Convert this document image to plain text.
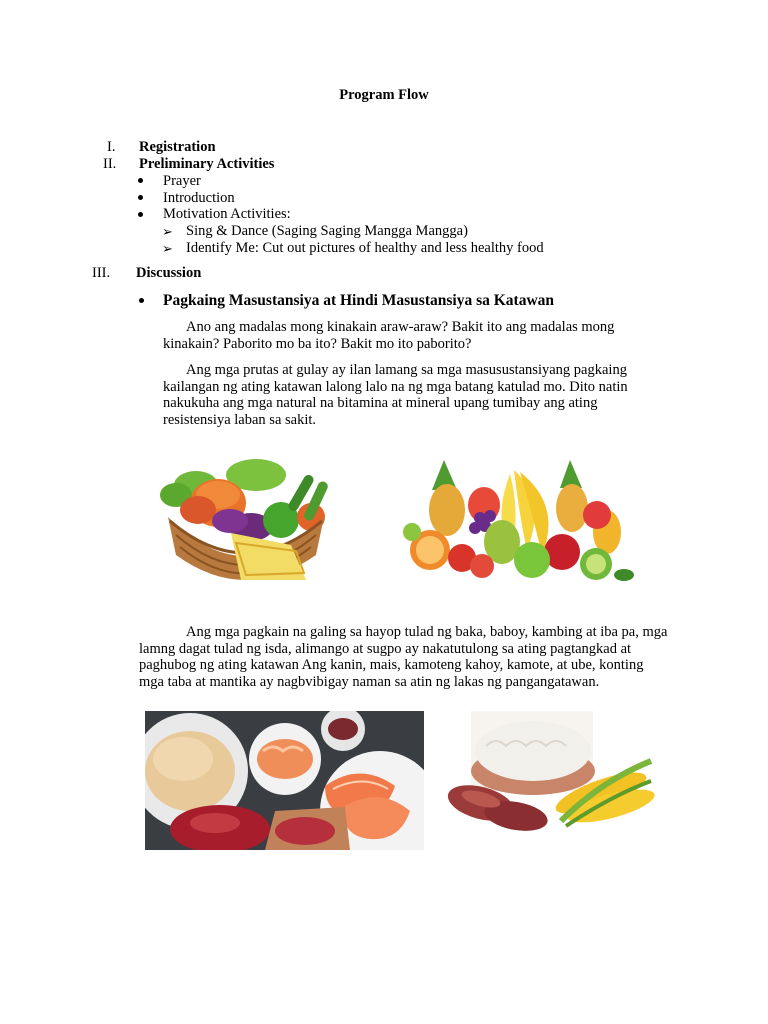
Program Flow
I. Registration
II. Preliminary Activities
Prayer
Introduction
Motivation Activities:
➢ Sing & Dance (Saging Saging Mangga Mangga)
➢ Identify Me: Cut out pictures of healthy and less healthy food
III. Discussion
Pagkaing Masustansiya at Hindi Masustansiya sa Katawan
Ano ang madalas mong kinakain araw-araw? Bakit ito ang madalas mong kinakain? Paborito mo ba ito? Bakit mo ito paborito?
Ang mga prutas at gulay ay ilan lamang sa mga masusustansiyang pagkaing kailangan ng ating katawan lalong lalo na ng mga batang katulad mo. Dito natin nakukuha ang mga natural na bitamina at mineral upang tumibay ang ating resistensiya laban sa sakit.
Ang mga pagkain na galing sa hayop tulad ng baka, baboy, kambing at iba pa, mga lamng dagat tulad ng isda, alimango at sugpo ay nakatutulong sa ating pagtangkad at paghubog ng ating katawan Ang kanin, mais, kamoteng kahoy, kamote, at ube, konting mga taba at mantika ay nagbvibigay naman sa atin ng lakas ng pangangatawan.
